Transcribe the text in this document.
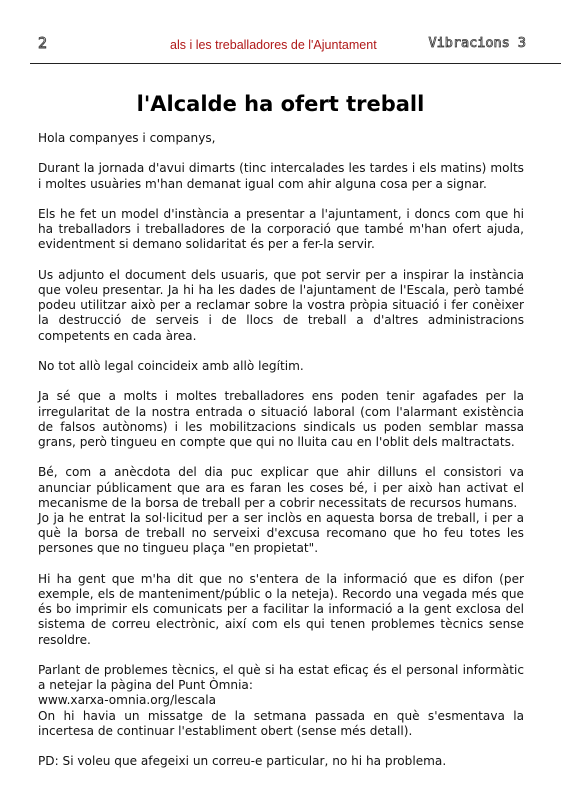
2	als i les treballadores de l'Ajuntament	Vibracions 3
l'Alcalde ha ofert treball

Hola companyes i companys,

Durant la jornada d'avui dimarts (tinc intercalades les tardes i els matins) molts i moltes usuàries m'han demanat igual com ahir alguna cosa per a signar.

Els he fet un model d'instància a presentar a l'ajuntament, i doncs com que hi ha treballadors i treballadores de la corporació que també m'han ofert ajuda, evidentment si demano solidaritat és per a fer-la servir.

Us adjunto el document dels usuaris, que pot servir per a inspirar la instància que voleu presentar. Ja hi ha les dades de l'ajuntament de l'Escala, però també podeu utilitzar això per a reclamar sobre la vostra pròpia situació i fer conèixer la destrucció de serveis i de llocs de treball a d'altres administracions competents en cada àrea.

No tot allò legal coincideix amb allò legítim.

Ja sé que a molts i moltes treballadores ens poden tenir agafades per la irregularitat de la nostra entrada o situació laboral (com l'alarmant existència de falsos autònoms) i les mobilitzacions sindicals us poden semblar massa grans, però tingueu en compte que qui no lluita cau en l'oblit dels maltractats.

Bé, com a anècdota del dia puc explicar que ahir dilluns el consistori va anunciar públicament que ara es faran les coses bé, i per això han activat el mecanisme de la borsa de treball per a cobrir necessitats de recursos humans.

Jo ja he entrat la sol·licitud per a ser inclòs en aquesta borsa de treball, i per a què la borsa de treball no serveixi d'excusa recomano que ho feu totes les persones que no tingueu plaça "en propietat".

Hi ha gent que m'ha dit que no s'entera de la informació que es difon (per exemple, els de manteniment/públic o la neteja). Recordo una vegada més que és bo imprimir els comunicats per a facilitar la informació a la gent exclosa del sistema de correu electrònic, així com els qui tenen problemes tècnics sense resoldre.

Parlant de problemes tècnics, el què si ha estat eficaç és el personal informàtic a netejar la pàgina del Punt Òmnia:

www.xarxa-omnia.org/lescala

On hi havia un missatge de la setmana passada en què s'esmentava la incertesa de continuar l'establiment obert (sense més detall).

PD: Si voleu que afegeixi un correu-e particular, no hi ha problema.
